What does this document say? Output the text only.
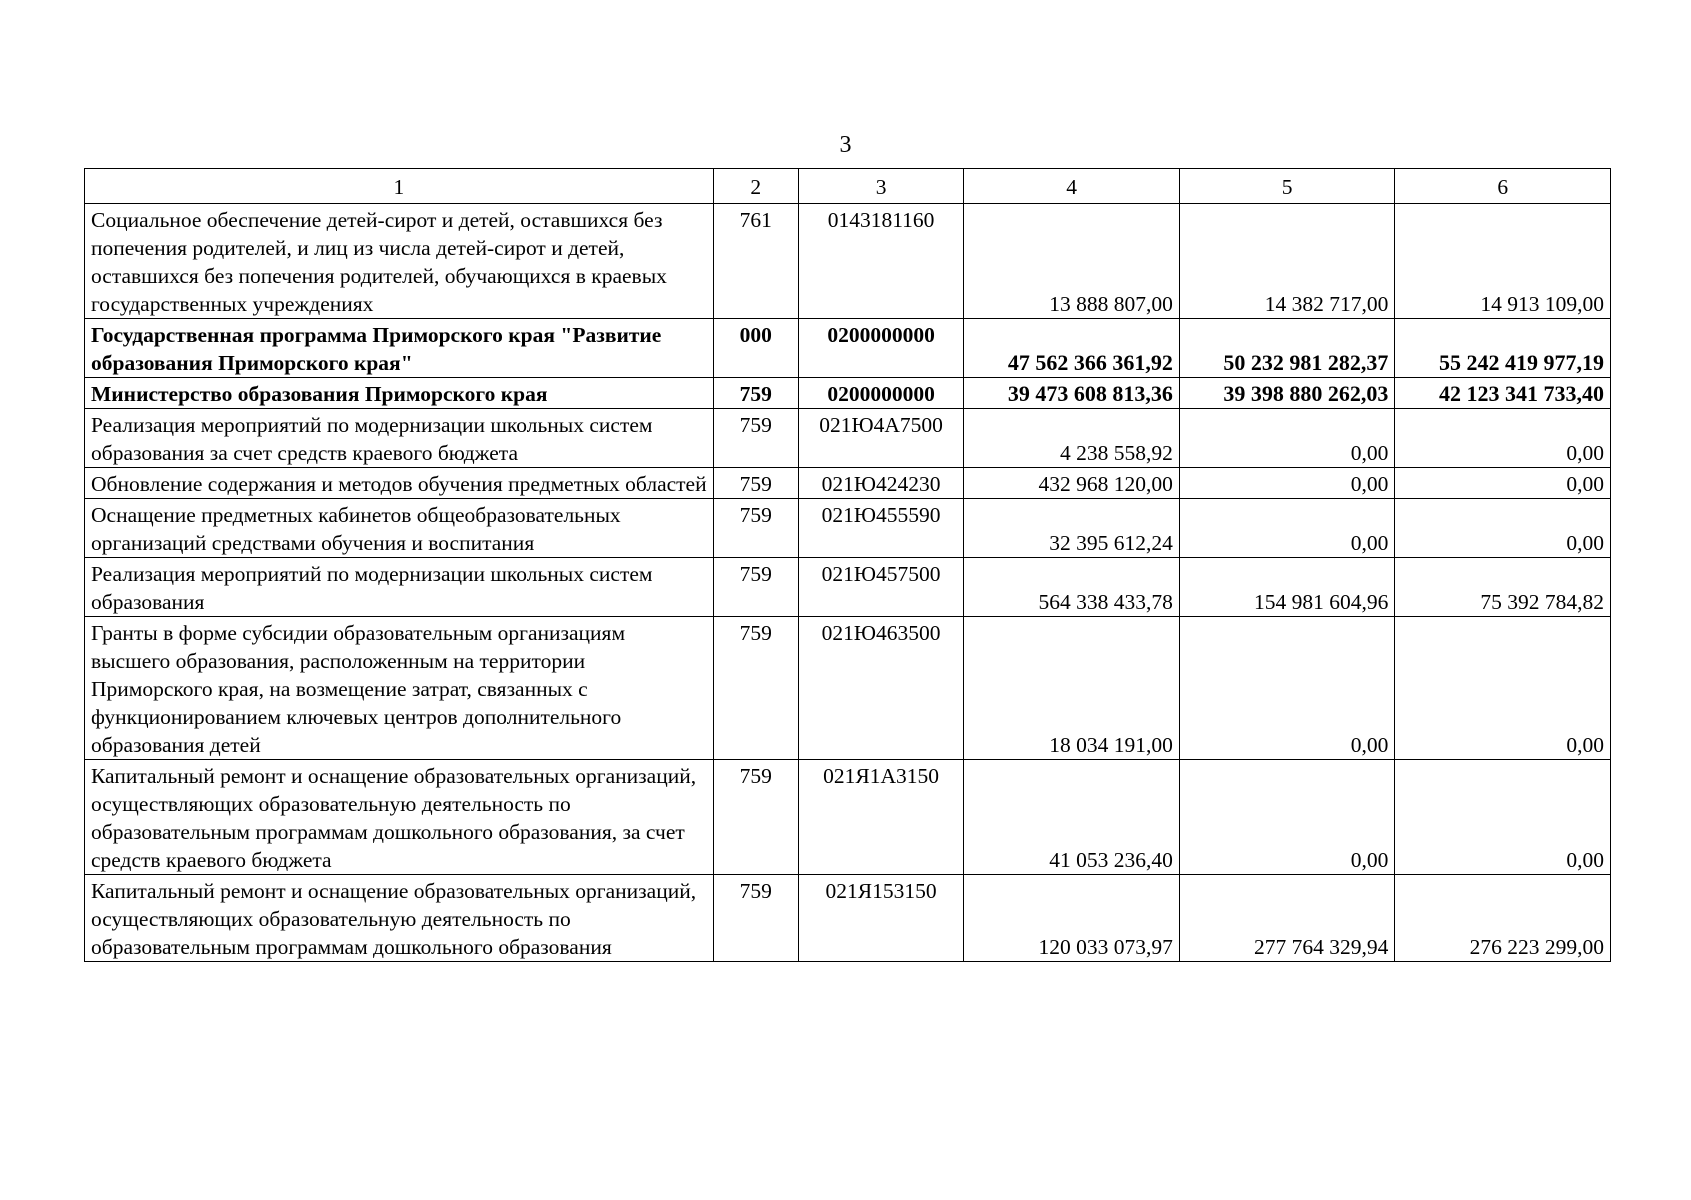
3
1	2	3	4	5	6
Социальное обеспечение детей-сирот и детей, оставшихся без попечения родителей, и лиц из числа детей-сирот и детей, оставшихся без попечения родителей, обучающихся в краевых государственных учреждениях	761	0143181160	13 888 807,00	14 382 717,00	14 913 109,00
Государственная программа Приморского края "Развитие образования Приморского края"	000	0200000000	47 562 366 361,92	50 232 981 282,37	55 242 419 977,19
Министерство образования Приморского края	759	0200000000	39 473 608 813,36	39 398 880 262,03	42 123 341 733,40
Реализация мероприятий по модернизации школьных систем образования за счет средств краевого бюджета	759	021Ю4А7500	4 238 558,92	0,00	0,00
Обновление содержания и методов обучения предметных областей	759	021Ю424230	432 968 120,00	0,00	0,00
Оснащение предметных кабинетов общеобразовательных организаций средствами обучения и воспитания	759	021Ю455590	32 395 612,24	0,00	0,00
Реализация мероприятий по модернизации школьных систем образования	759	021Ю457500	564 338 433,78	154 981 604,96	75 392 784,82
Гранты в форме субсидии образовательным организациям высшего образования, расположенным на территории Приморского края, на возмещение затрат, связанных с функционированием ключевых центров дополнительного образования детей	759	021Ю463500	18 034 191,00	0,00	0,00
Капитальный ремонт и оснащение образовательных организаций, осуществляющих образовательную деятельность по образовательным программам дошкольного образования, за счет средств краевого бюджета	759	021Я1А3150	41 053 236,40	0,00	0,00
Капитальный ремонт и оснащение образовательных организаций, осуществляющих образовательную деятельность по образовательным программам дошкольного образования	759	021Я153150	120 033 073,97	277 764 329,94	276 223 299,00
